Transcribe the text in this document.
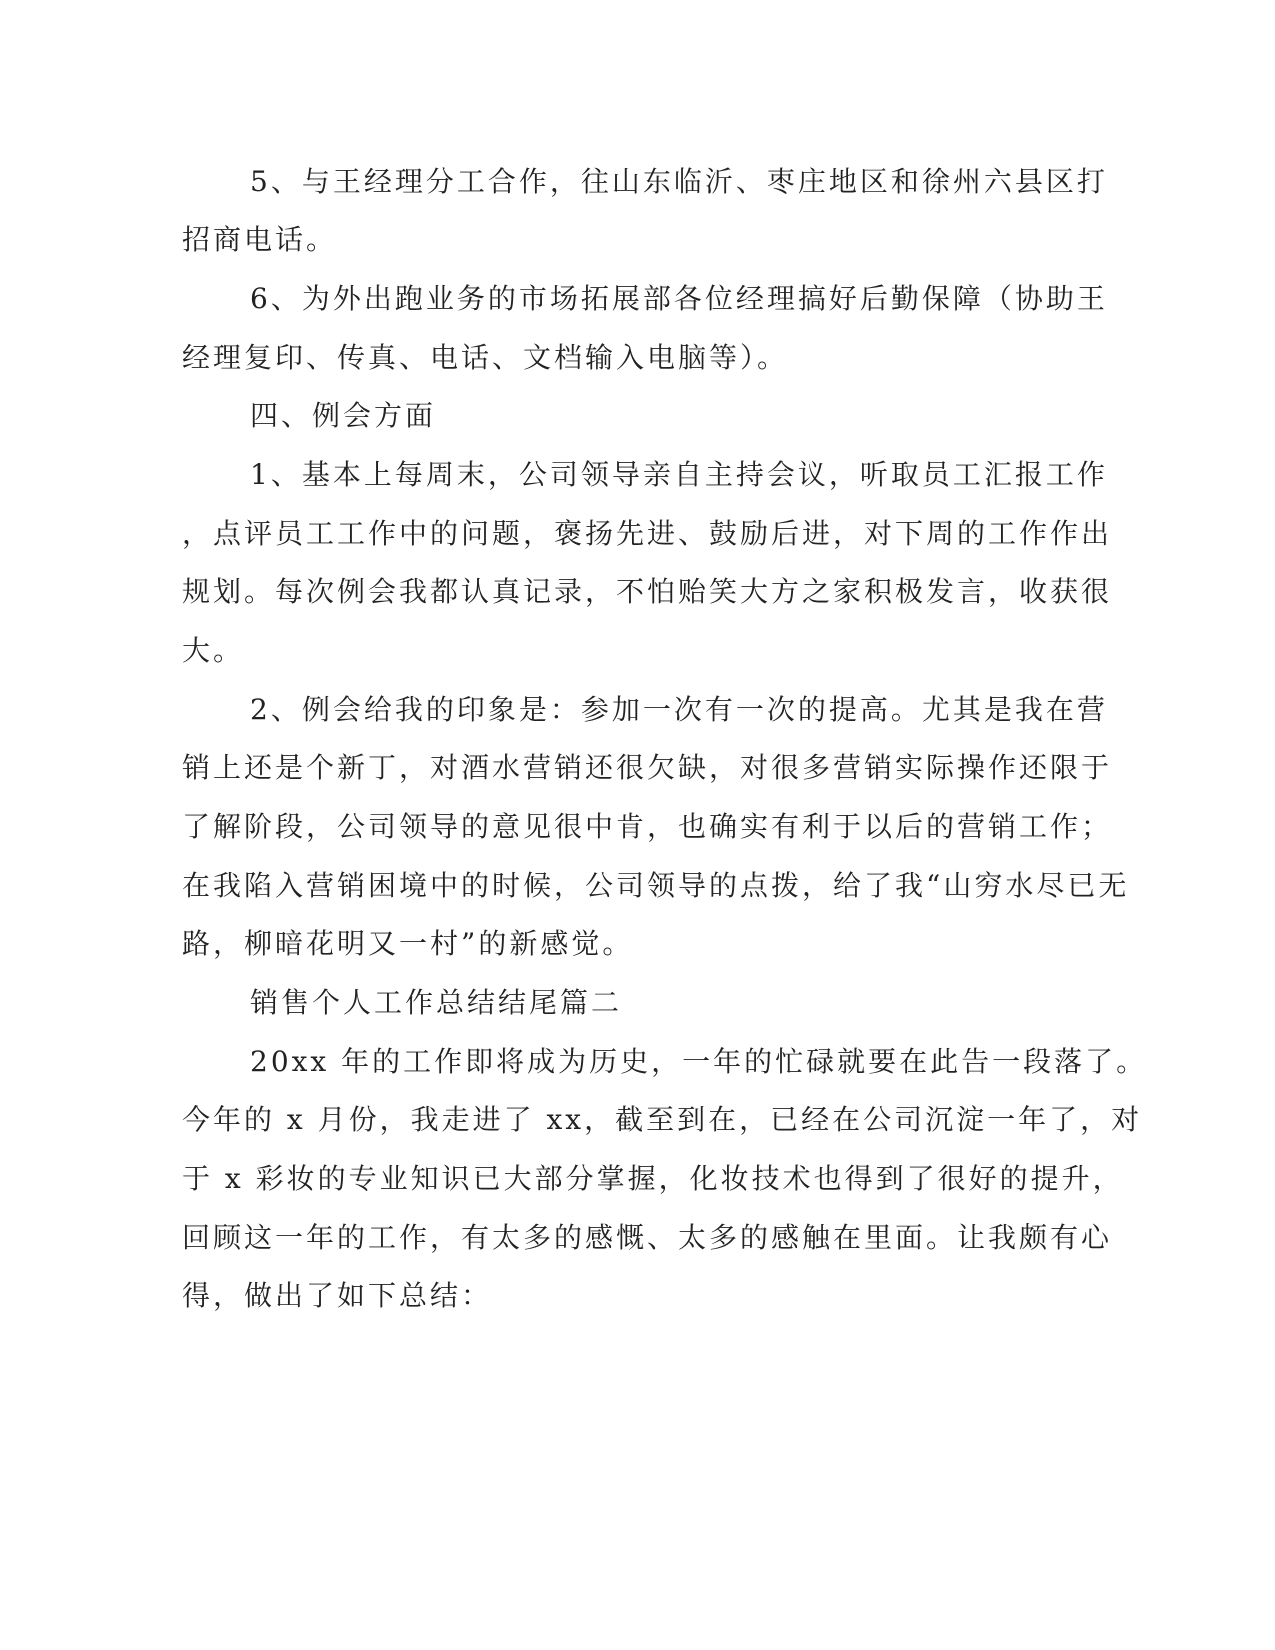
5、与王经理分工合作，往山东临沂、枣庄地区和徐州六县区打
招商电话。
6、为外出跑业务的市场拓展部各位经理搞好后勤保障（协助王
经理复印、传真、电话、文档输入电脑等）。
四、例会方面
1、基本上每周末，公司领导亲自主持会议，听取员工汇报工作
，点评员工工作中的问题，褒扬先进、鼓励后进，对下周的工作作出
规划。每次例会我都认真记录，不怕贻笑大方之家积极发言，收获很
大。
2、例会给我的印象是：参加一次有一次的提高。尤其是我在营
销上还是个新丁，对酒水营销还很欠缺，对很多营销实际操作还限于
了解阶段，公司领导的意见很中肯，也确实有利于以后的营销工作；
在我陷入营销困境中的时候，公司领导的点拨，给了我“山穷水尽已无
路，柳暗花明又一村”的新感觉。
销售个人工作总结结尾篇二
20xx 年的工作即将成为历史，一年的忙碌就要在此告一段落了。
今年的 x 月份，我走进了 xx，截至到在，已经在公司沉淀一年了，对
于 x 彩妆的专业知识已大部分掌握，化妆技术也得到了很好的提升，
回顾这一年的工作，有太多的感慨、太多的感触在里面。让我颇有心
得，做出了如下总结：
